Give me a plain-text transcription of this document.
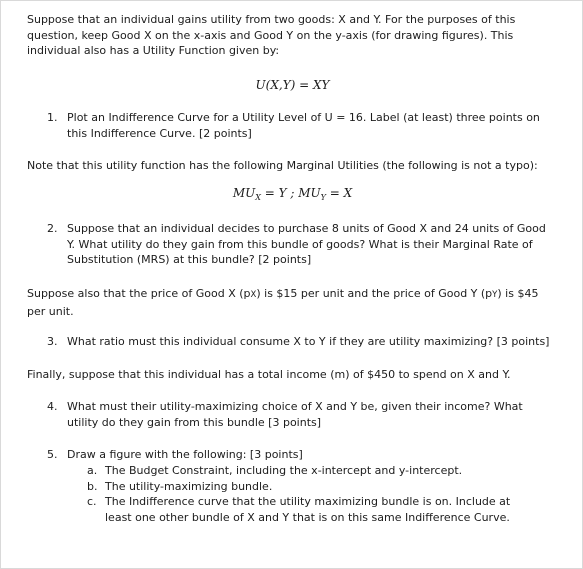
Suppose that an individual gains utility from two goods: X and Y. For the purposes of this question, keep Good X on the x-axis and Good Y on the y-axis (for drawing figures). This individual also has a Utility Function given by:

U(X,Y) = XY
1. Plot an Indifference Curve for a Utility Level of U = 16. Label (at least) three points on this Indifference Curve. [2 points]

Note that this utility function has the following Marginal Utilities (the following is not a typo):

$MU_X = Y$ ; $MU_Y = X$
2. Suppose that an individual decides to purchase 8 units of Good X and 24 units of Good Y. What utility do they gain from this bundle of goods? What is their Marginal Rate of Substitution (MRS) at this bundle? [2 points]

Suppose also that the price of Good X (pX) is $15 per unit and the price of Good Y (pY) is $45 per unit.

3. What ratio must this individual consume X to Y if they are utility maximizing? [3 points]

Finally, suppose that this individual has a total income (m) of $450 to spend on X and Y.

4. What must their utility-maximizing choice of X and Y be, given their income? What utility do they gain from this bundle [3 points]
5. Draw a figure with the following: [3 points]
a. The Budget Constraint, including the x-intercept and y-intercept.
b. The utility-maximizing bundle.
c. The Indifference curve that the utility maximizing bundle is on. Include at least one other bundle of X and Y that is on this same Indifference Curve.
